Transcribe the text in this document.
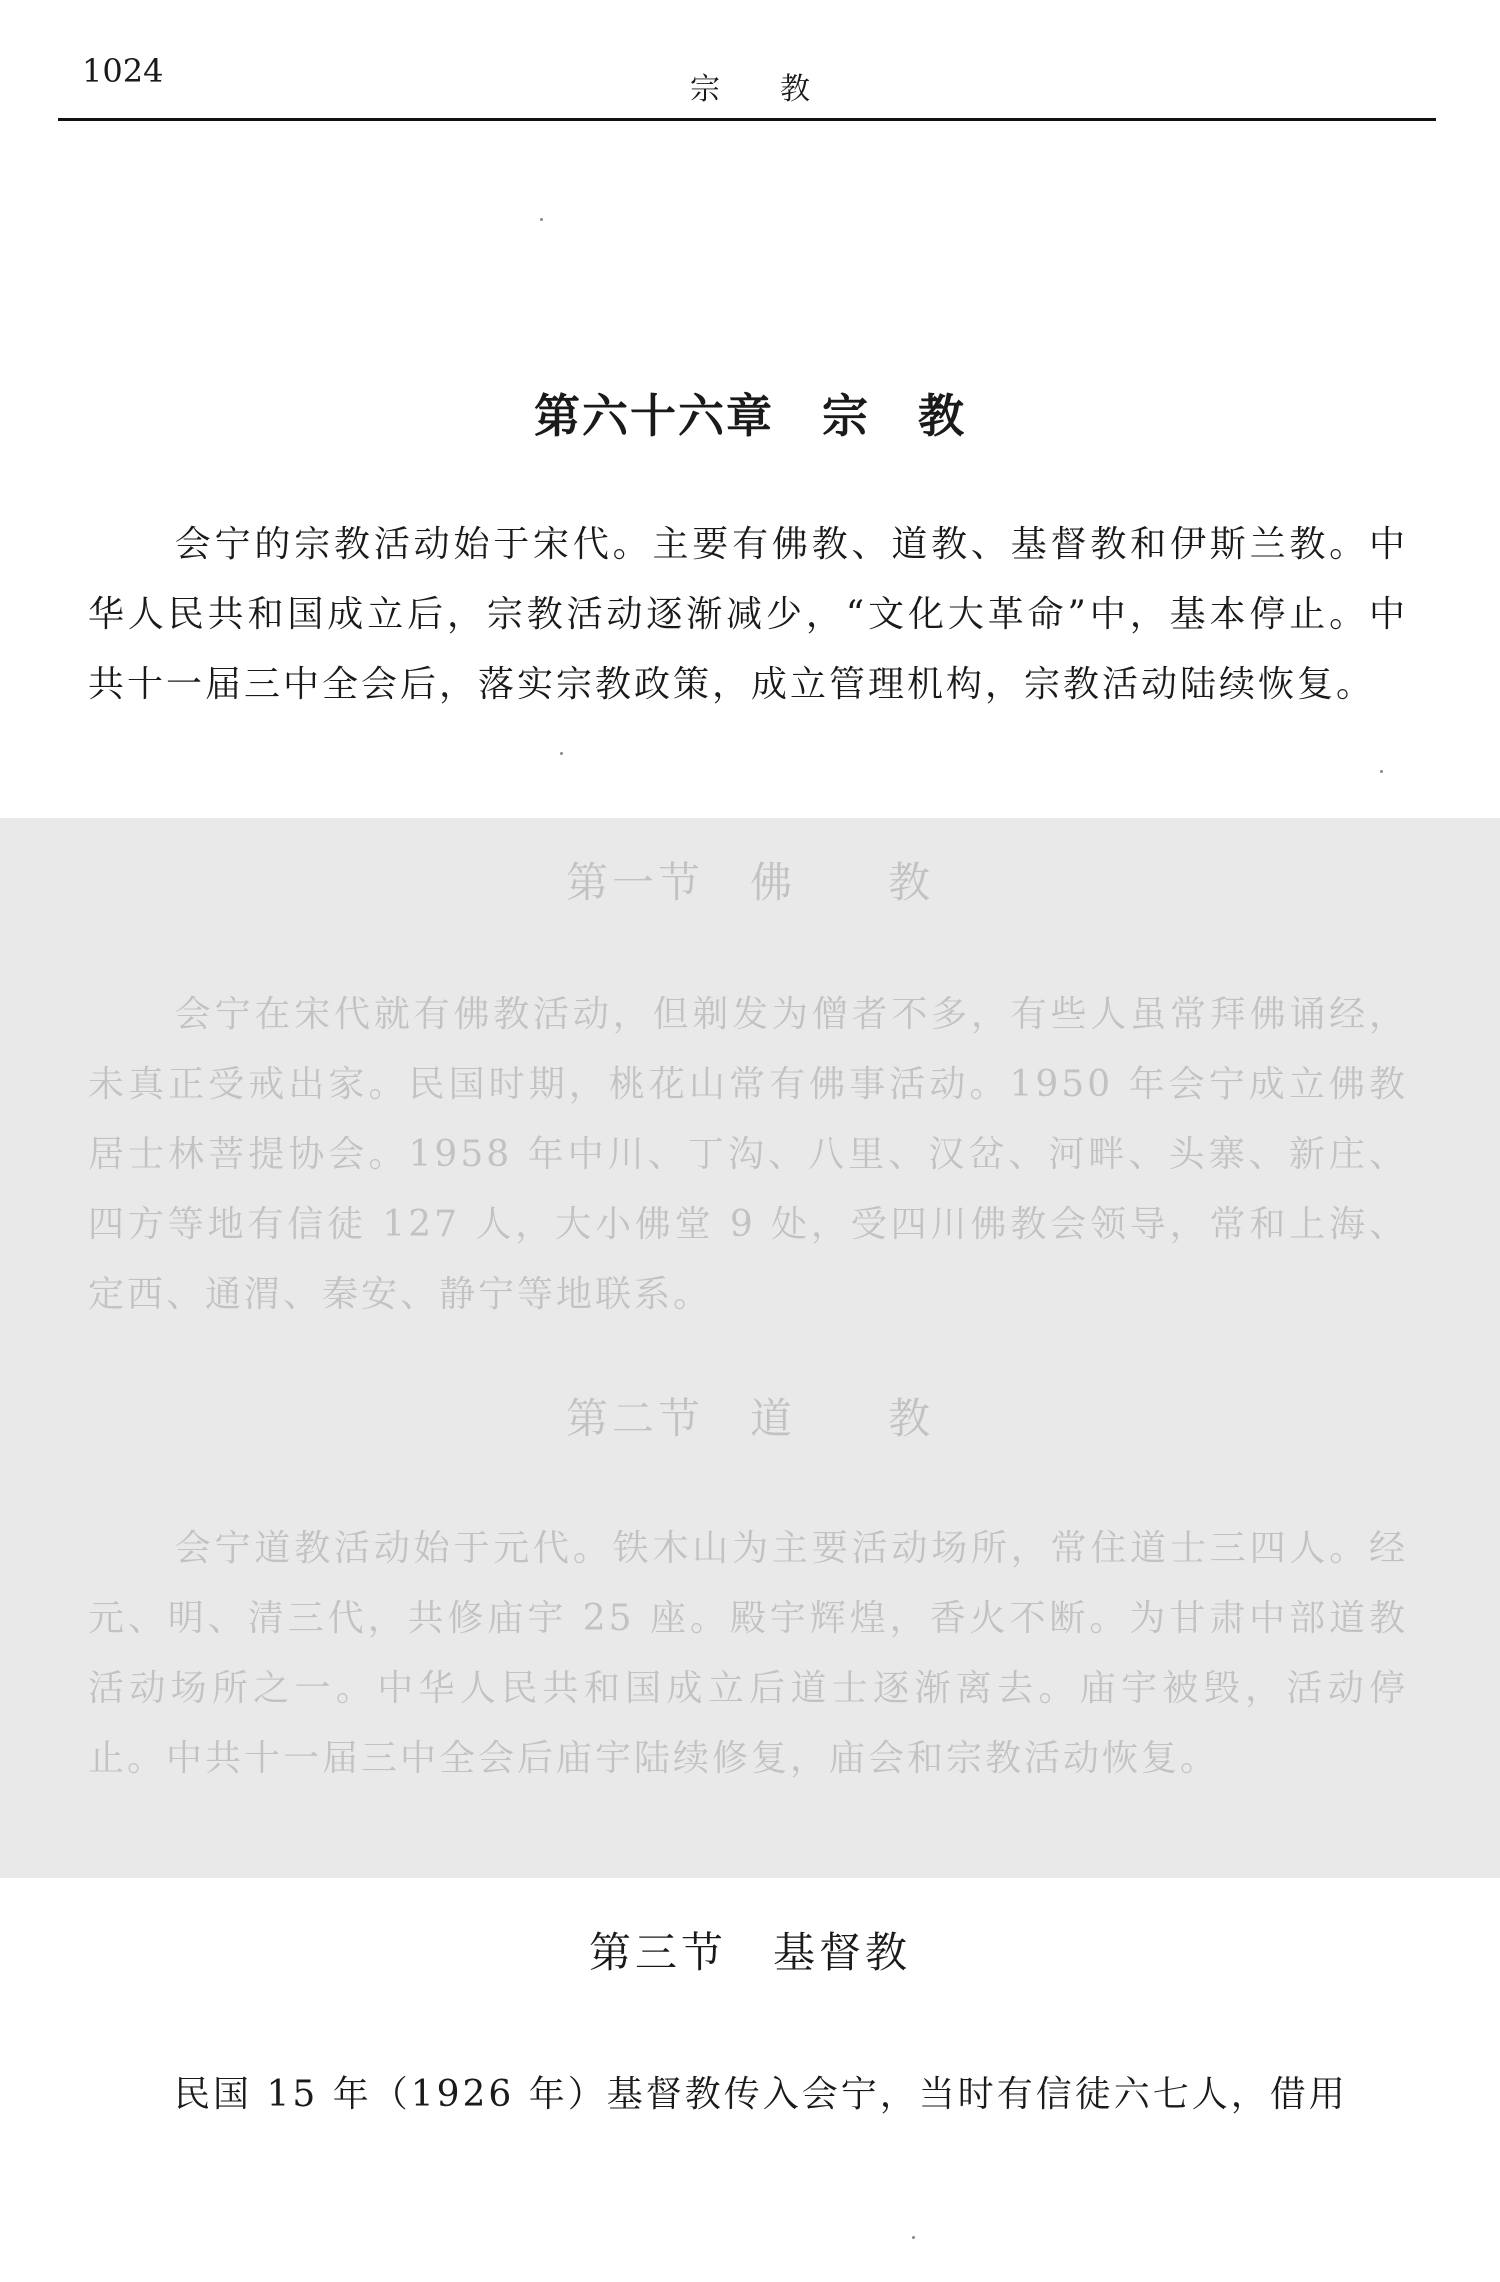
1024	宗教
第六十六章　宗　教
会宁的宗教活动始于宋代。主要有佛教、道教、基督教和伊斯兰教。中华人民共和国成立后，宗教活动逐渐减少，“文化大革命”中，基本停止。中共十一届三中全会后，落实宗教政策，成立管理机构，宗教活动陆续恢复。
第一节　佛　　教
会宁在宋代就有佛教活动，但剃发为僧者不多，有些人虽常拜佛诵经，未真正受戒出家。民国时期，桃花山常有佛事活动。1950 年会宁成立佛教居士林菩提协会。1958 年中川、丁沟、八里、汉岔、河畔、头寨、新庄、四方等地有信徒 127 人，大小佛堂 9 处，受四川佛教会领导，常和上海、定西、通渭、秦安、静宁等地联系。
第二节　道　　教
会宁道教活动始于元代。铁木山为主要活动场所，常住道士三四人。经元、明、清三代，共修庙宇 25 座。殿宇辉煌，香火不断。为甘肃中部道教活动场所之一。中华人民共和国成立后道士逐渐离去。庙宇被毁，活动停止。中共十一届三中全会后庙宇陆续修复，庙会和宗教活动恢复。
第三节　基督教
民国 15 年（1926 年）基督教传入会宁，当时有信徒六七人，借用
